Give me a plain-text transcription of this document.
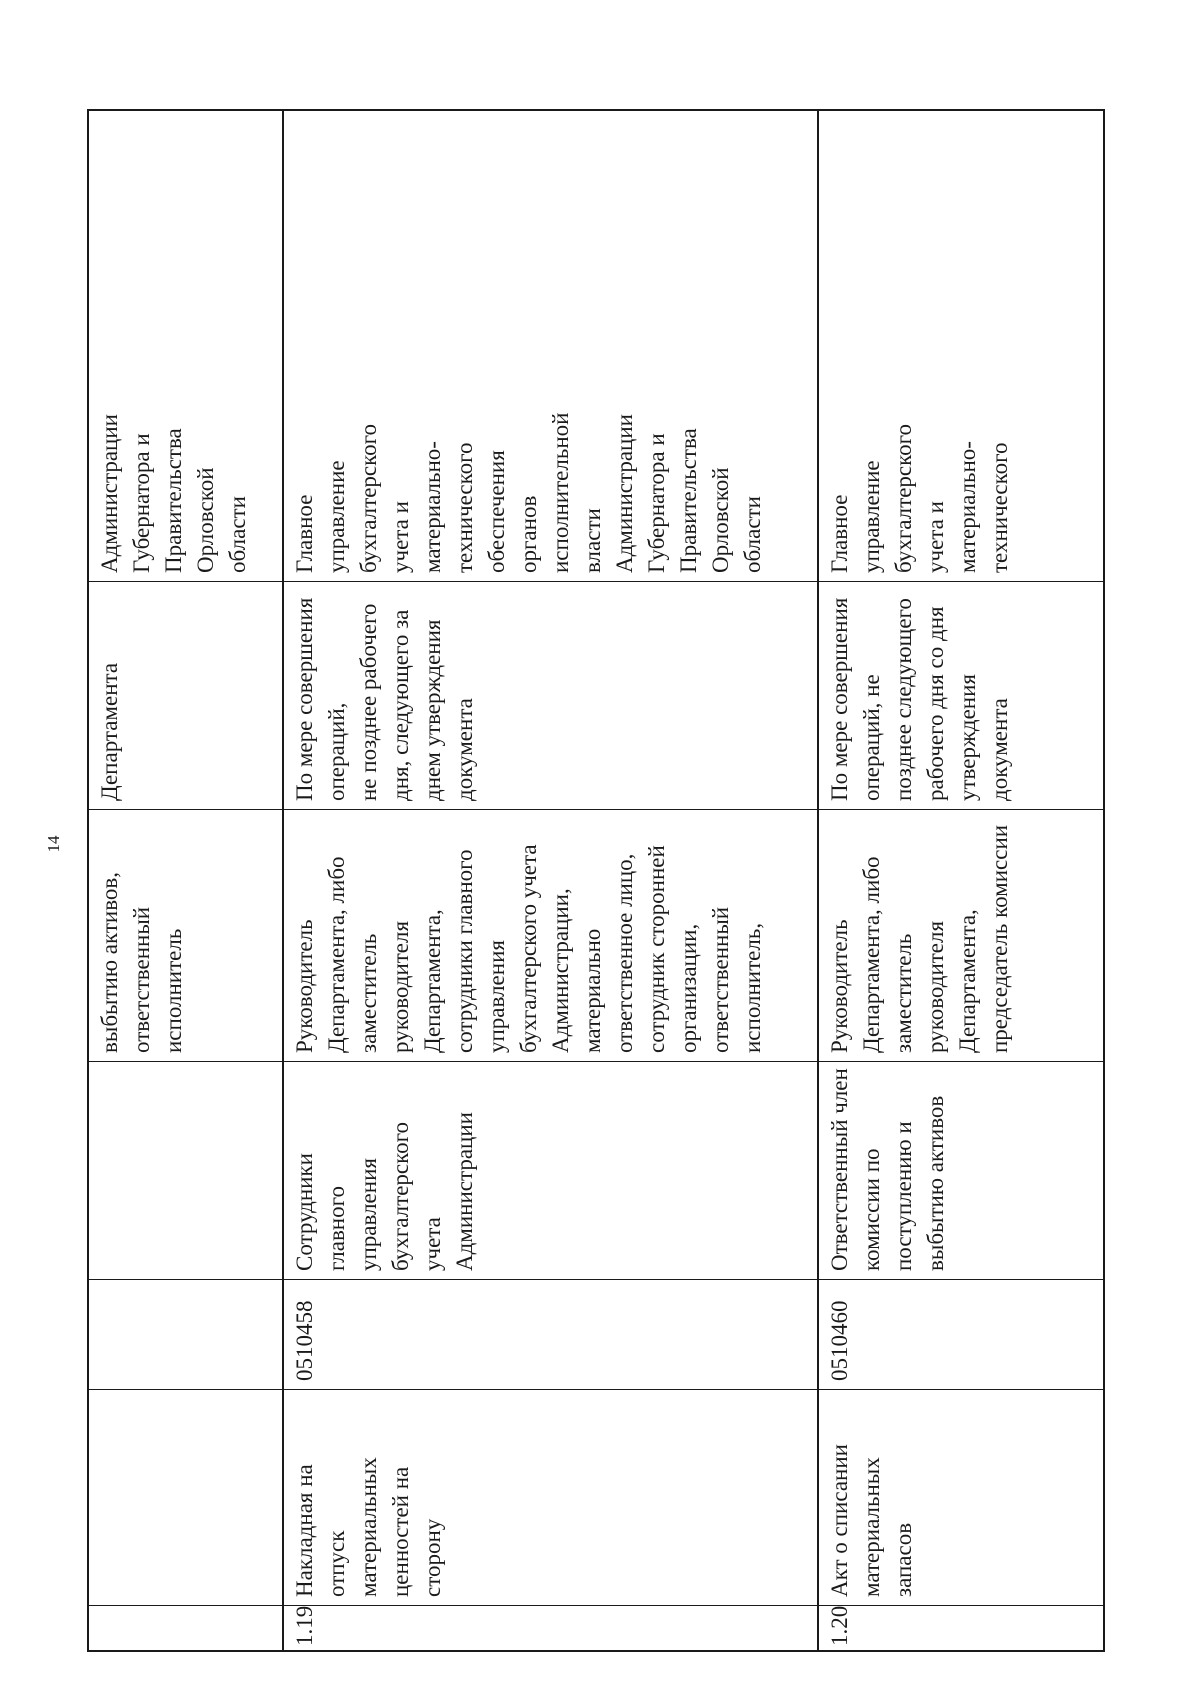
14
выбытию активов,
ответственный
исполнитель
Департамента
Администрации
Губернатора и
Правительства
Орловской
области
1.19
Накладная на отпуск
материальных
ценностей на
сторону
0510458
Сотрудники
главного управления
бухгалтерского учета
Администрации
Руководитель
Департамента, либо
заместитель
руководителя
Департамента,
сотрудники главного
управления
бухгалтерского учета
Администрации,
материально
ответственное лицо,
сотрудник сторонней
организации,
ответственный
исполнитель,
По мере совершения
операций,
не позднее рабочего
дня, следующего за
днем утверждения
документа
Главное
управление
бухгалтерского
учета и
материально-
технического
обеспечения
органов
исполнительной
власти
Администрации
Губернатора и
Правительства
Орловской
области
1.20
Акт о списании
материальных
запасов
0510460
Ответственный член
комиссии по
поступлению и
выбытию активов
Руководитель
Департамента, либо
заместитель
руководителя
Департамента,
председатель комиссии
По мере совершения
операций, не
позднее следующего
рабочего дня со дня
утверждения
документа
Главное
управление
бухгалтерского
учета и
материально-
технического
